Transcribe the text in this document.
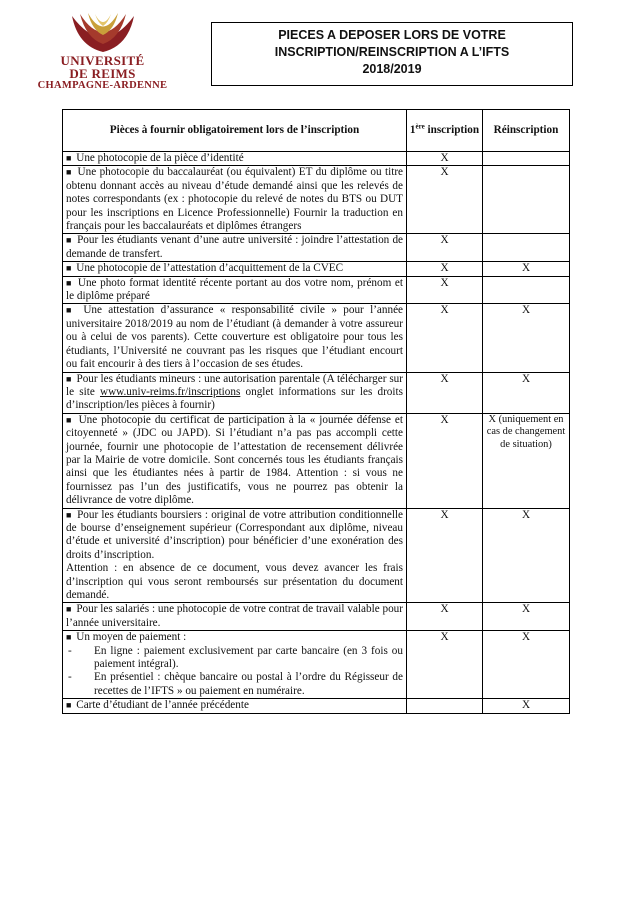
UNIVERSITÉ
DE REIMS
CHAMPAGNE-ARDENNE
PIECES A DEPOSER LORS DE VOTRE
INSCRIPTION/REINSCRIPTION A L’IFTS
2018/2019
Pièces à fournir obligatoirement lors de l’inscription	1ère inscription	Réinscription
■ Une photocopie de la pièce d’identité	X	
■ Une photocopie du baccalauréat (ou équivalent) ET du diplôme ou titre obtenu donnant accès au niveau d’étude demandé ainsi que les relevés de notes correspondants (ex : photocopie du relevé de notes du BTS ou DUT pour les inscriptions en Licence Professionnelle) Fournir la traduction en français pour les baccalauréats et diplômes étrangers	X	
■ Pour les étudiants venant d’une autre université : joindre l’attestation de demande de transfert.	X	
■ Une photocopie de l’attestation d’acquittement de la CVEC	X	X
■ Une photo format identité récente portant au dos votre nom, prénom et le diplôme préparé	X	
■ Une attestation d’assurance « responsabilité civile » pour l’année universitaire 2018/2019 au nom de l’étudiant (à demander à votre assureur ou à celui de vos parents). Cette couverture est obligatoire pour tous les étudiants, l’Université ne couvrant pas les risques que l’étudiant encourt ou fait encourir à des tiers à l’occasion de ses études.	X	X
■ Pour les étudiants mineurs : une autorisation parentale (A télécharger sur le site www.univ-reims.fr/inscriptions onglet informations sur les droits d’inscription/les pièces à fournir)	X	X
■ Une photocopie du certificat de participation à la « journée défense et citoyenneté » (JDC ou JAPD). Si l’étudiant n’a pas pas accompli cette journée, fournir une photocopie de l’attestation de recensement délivrée par la Mairie de votre domicile. Sont concernés tous les étudiants français ainsi que les étudiantes nées à partir de 1984. Attention : si vous ne fournissez pas l’un des justificatifs, vous ne pourrez pas obtenir la délivrance de votre diplôme.	X	X (uniquement en cas de changement de situation)
■ Pour les étudiants boursiers : original de votre attribution conditionnelle de bourse d’enseignement supérieur (Correspondant aux diplôme, niveau d’étude et université d’inscription) pour bénéficier d’une exonération des droits d’inscription.
Attention : en absence de ce document, vous devez avancer les frais d’inscription qui vous seront remboursés sur présentation du document demandé.	X	X
■ Pour les salariés : une photocopie de votre contrat de travail valable pour l’année universitaire.	X	X

■ Un moyen de paiement :
- En ligne : paiement exclusivement par carte bancaire (en 3 fois ou paiement intégral).
- En présentiel : chèque bancaire ou postal à l’ordre du Régisseur de recettes de l’IFTS » ou paiement en numéraire.	X	X
■ Carte d’étudiant de l’année précédente		X
